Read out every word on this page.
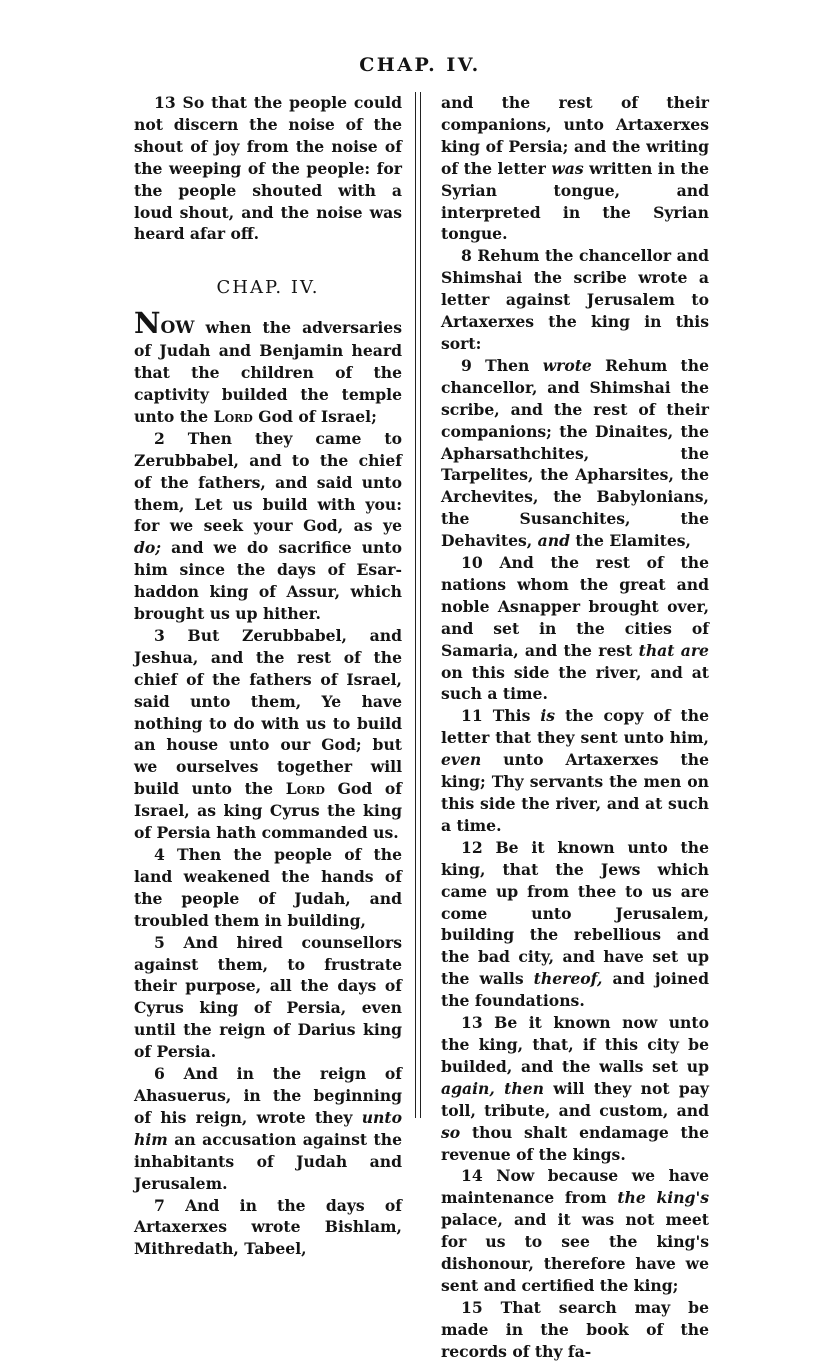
CHAP. IV.

13 So that the people could not discern the noise of the shout of joy from the noise of the weeping of the people: for the people shouted with a loud shout, and the noise was heard afar off.

CHAP. IV.

NOW when the adversaries of Judah and Benjamin heard that the children of the captivity builded the temple unto the Lord God of Israel;

2 Then they came to Zerubbabel, and to the chief of the fathers, and said unto them, Let us build with you: for we seek your God, as ye do; and we do sacrifice unto him since the days of Esar-haddon king of Assur, which brought us up hither.

3 But Zerubbabel, and Jeshua, and the rest of the chief of the fathers of Israel, said unto them, Ye have nothing to do with us to build an house unto our God; but we ourselves together will build unto the Lord God of Israel, as king Cyrus the king of Persia hath commanded us.

4 Then the people of the land weakened the hands of the people of Judah, and troubled them in building,

5 And hired counsellors against them, to frustrate their purpose, all the days of Cyrus king of Persia, even until the reign of Darius king of Persia.

6 And in the reign of Ahasuerus, in the beginning of his reign, wrote they unto him an accusation against the inhabitants of Judah and Jerusalem.

7 And in the days of Artaxerxes wrote Bishlam, Mithredath, Tabeel,

and the rest of their companions, unto Artaxerxes king of Persia; and the writing of the letter was written in the Syrian tongue, and interpreted in the Syrian tongue.

8 Rehum the chancellor and Shimshai the scribe wrote a letter against Jerusalem to Artaxerxes the king in this sort:

9 Then wrote Rehum the chancellor, and Shimshai the scribe, and the rest of their companions; the Dinaites, the Apharsathchites, the Tarpelites, the Apharsites, the Archevites, the Babylonians, the Susanchites, the Dehavites, and the Elamites,

10 And the rest of the nations whom the great and noble Asnapper brought over, and set in the cities of Samaria, and the rest that are on this side the river, and at such a time.

11 This is the copy of the letter that they sent unto him, even unto Artaxerxes the king; Thy servants the men on this side the river, and at such a time.

12 Be it known unto the king, that the Jews which came up from thee to us are come unto Jerusalem, building the rebellious and the bad city, and have set up the walls thereof, and joined the foundations.

13 Be it known now unto the king, that, if this city be builded, and the walls set up again, then will they not pay toll, tribute, and custom, and so thou shalt endamage the revenue of the kings.

14 Now because we have maintenance from the king's palace, and it was not meet for us to see the king's dishonour, therefore have we sent and certified the king;

15 That search may be made in the book of the records of thy fa-
